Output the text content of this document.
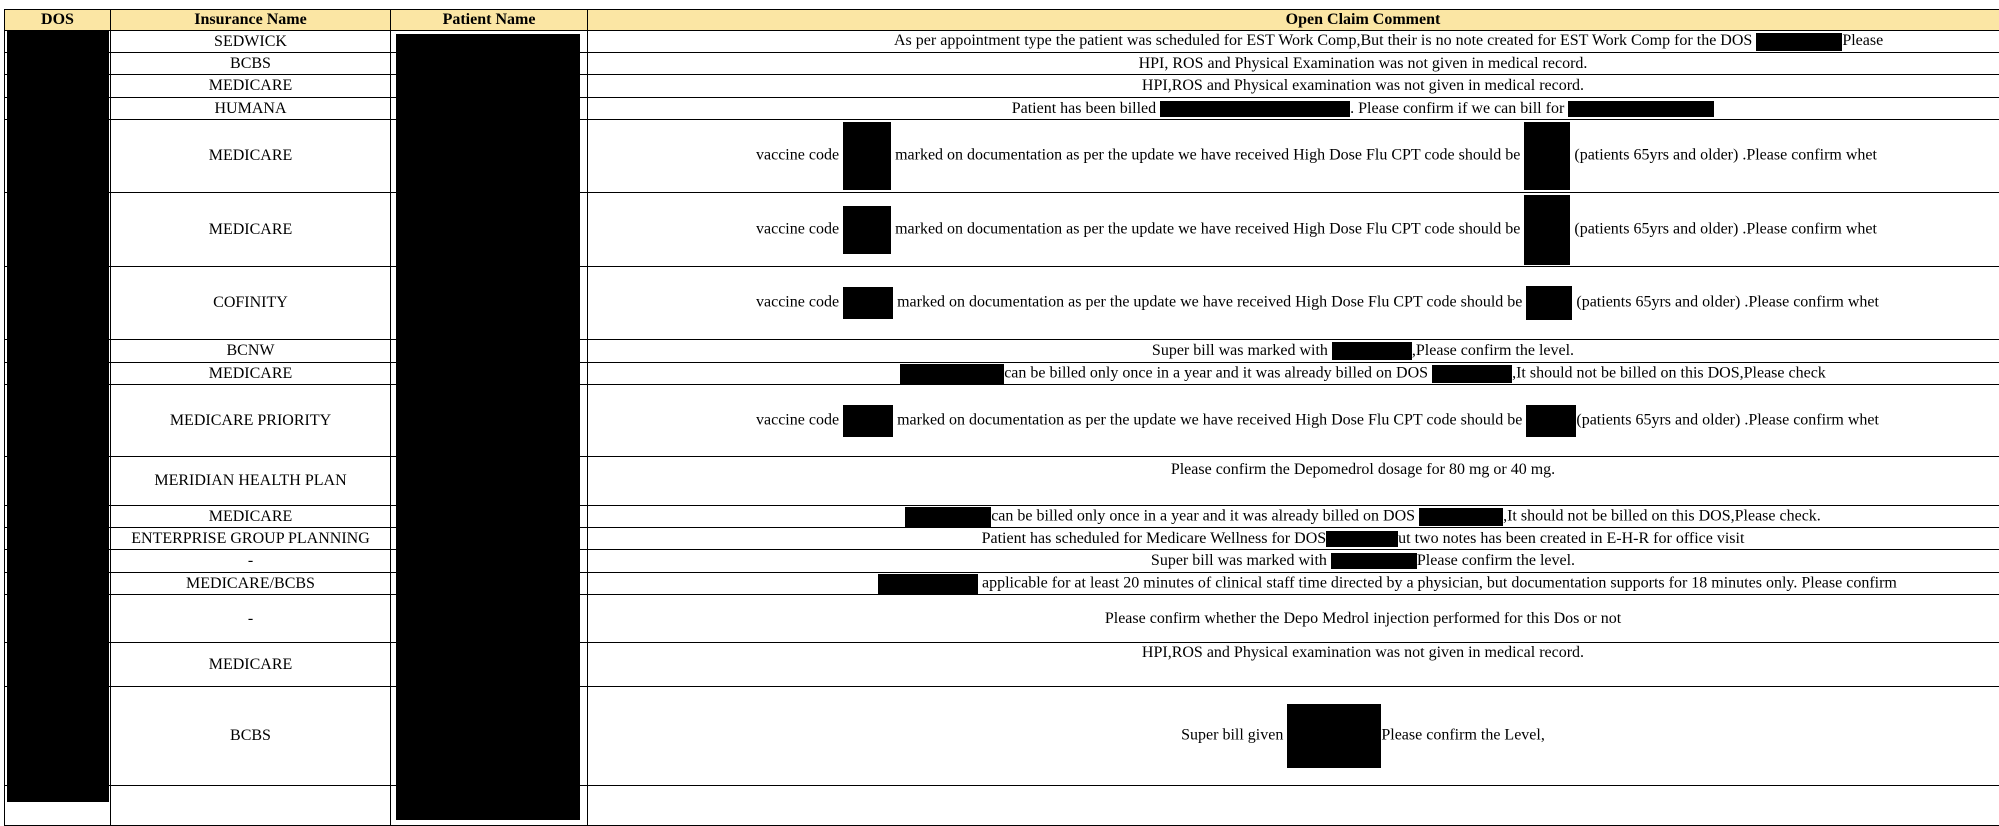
DOS	Insurance Name	Patient Name	Open Claim Comment

	SEDWICK		As per appointment type the patient was scheduled for EST Work Comp,But their is no note created for EST Work Comp for the DOS Please

	BCBS		HPI, ROS and Physical Examination was not given in medical record.

	MEDICARE		HPI,ROS and Physical examination was not given in medical record.

	HUMANA		Patient has been billed . Please confirm if we can bill for

	MEDICARE		vaccine code marked on documentation as per the update we have received High Dose Flu CPT code should be (patients 65yrs and older) .Please confirm whet

	MEDICARE		vaccine code marked on documentation as per the update we have received High Dose Flu CPT code should be (patients 65yrs and older) .Please confirm whet

	COFINITY		vaccine code marked on documentation as per the update we have received High Dose Flu CPT code should be (patients 65yrs and older) .Please confirm whet

	BCNW		Super bill was marked with ,Please confirm the level.

	MEDICARE		can be billed only once in a year and it was already billed on DOS ,It should not be billed on this DOS,Please check

	MEDICARE PRIORITY		vaccine code marked on documentation as per the update we have received High Dose Flu CPT code should be (patients 65yrs and older) .Please confirm whet

	MERIDIAN HEALTH PLAN		Please confirm the Depomedrol dosage for 80 mg or 40 mg.

	MEDICARE		can be billed only once in a year and it was already billed on DOS ,It should not be billed on this DOS,Please check.

	ENTERPRISE GROUP PLANNING		Patient has scheduled for Medicare Wellness for DOS ut two notes has been created in E-H-R for office visit

	-		Super bill was marked with Please confirm the level.

	MEDICARE/BCBS		applicable for at least 20 minutes of clinical staff time directed by a physician, but documentation supports for 18 minutes only. Please confirm

	-		Please confirm whether the Depo Medrol injection performed for this Dos or not

	MEDICARE		HPI,ROS and Physical examination was not given in medical record.

	BCBS		Super bill given Please confirm the Level,
